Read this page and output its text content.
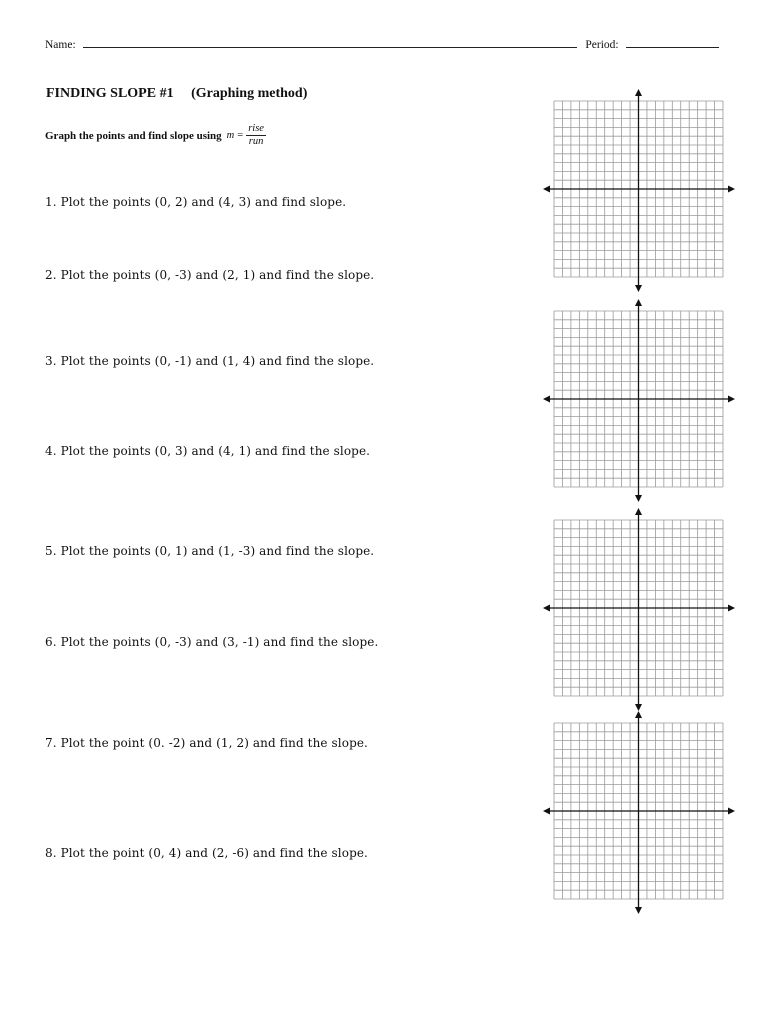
Name:	Period:
FINDING SLOPE #1 (Graphing method)
Graph the points and find slope using $m = \frac{\text{rise}}{\text{run}}$
1. Plot the points (0, 2) and (4, 3) and find slope.
2. Plot the points (0, -3) and (2, 1) and find the slope.
3. Plot the points (0, -1) and (1, 4) and find the slope.
4. Plot the points (0, 3) and (4, 1) and find the slope.
5. Plot the points (0, 1) and (1, -3) and find the slope.
6. Plot the points (0, -3) and (3, -1) and find the slope.
7. Plot the point (0. -2) and (1, 2) and find the slope.
8. Plot the point (0, 4) and (2, -6) and find the slope.
